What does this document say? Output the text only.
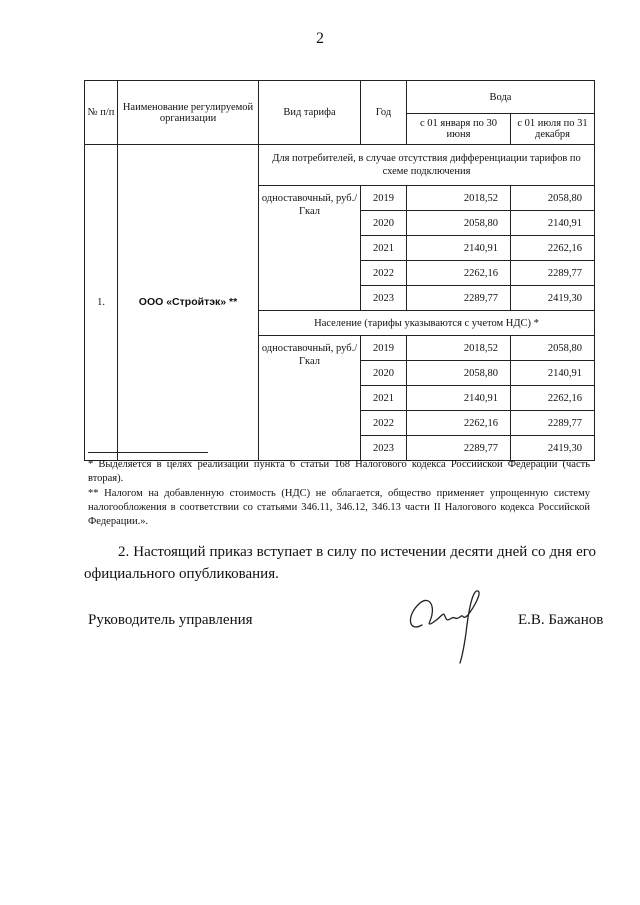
2
№ п/п	Наименование регулируемой организации	Вид тарифа	Год	Вода	
				с 01 января по 30 июня	с 01 июля по 31 декабря
1.	ООО «Стройтэк» **	Для потребителей, в случае отсутствия дифференциации тарифов по схеме подключения			
		одноставочный, руб./Гкал	2019	2018,52	2058,80
			2020	2058,80	2140,91
			2021	2140,91	2262,16
			2022	2262,16	2289,77
			2023	2289,77	2419,30
		Население (тарифы указываются с учетом НДС) *			
		одноставочный, руб./Гкал	2019	2018,52	2058,80
			2020	2058,80	2140,91
			2021	2140,91	2262,16
			2022	2262,16	2289,77
			2023	2289,77	2419,30
* Выделяется в целях реализации пункта 6 статьи 168 Налогового кодекса Российской Федерации (часть вторая).
** Налогом на добавленную стоимость (НДС) не облагается, общество применяет упрощенную систему налогообложения в соответствии со статьями 346.11, 346.12, 346.13 части II Налогового кодекса Российской Федерации.».
2. Настоящий приказ вступает в силу по истечении десяти дней со дня его официального опубликования.
Руководитель управления	Е.В. Бажанов
